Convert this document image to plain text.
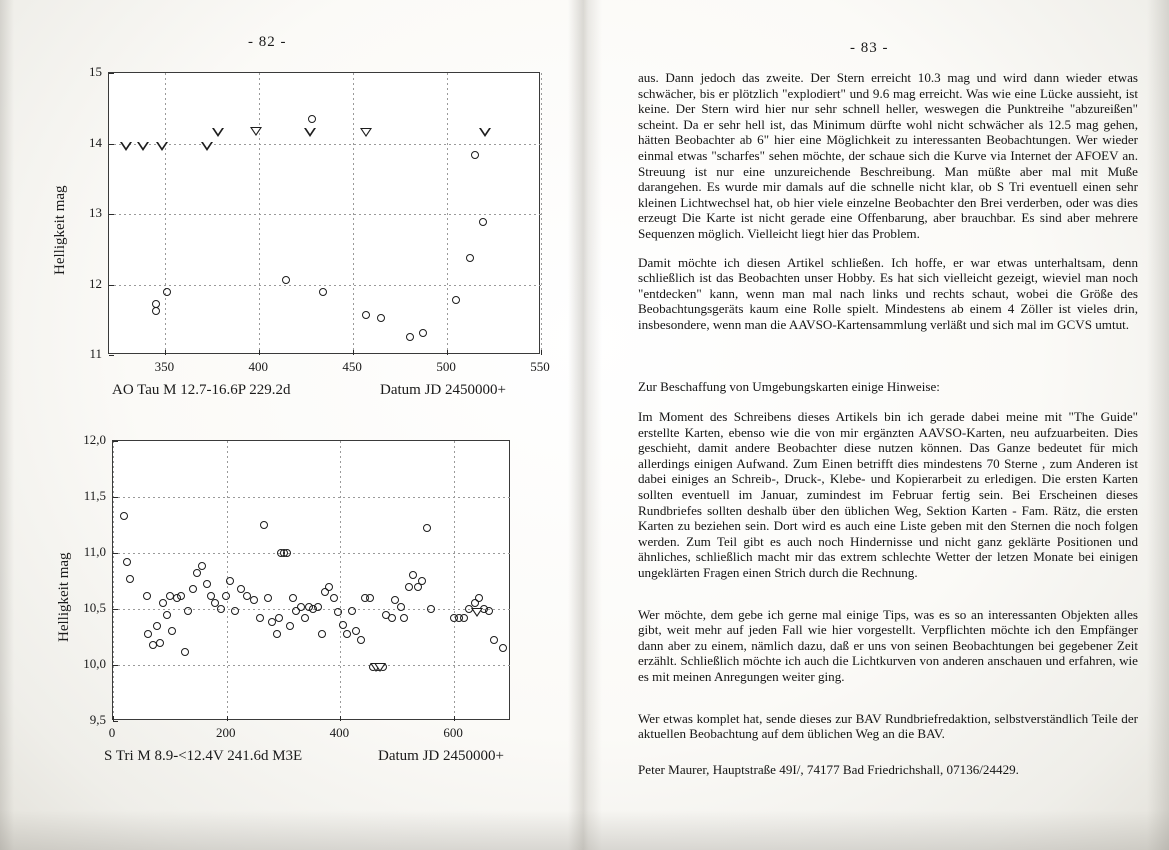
- 82 -
Helligkeit mag
AO Tau M 12.7-16.6P 229.2d	Datum JD 2450000+
350	400	450	500	550
11
12
13
14
15
Helligkeit mag
S Tri M 8.9-<12.4V 241.6d M3E	Datum JD 2450000+
0	200	400	600
9,5
10,0
10,5
11,0
11,5
12,0
- 83 -

aus. Dann jedoch das zweite. Der Stern erreicht 10.3 mag und wird dann wieder etwas schwächer, bis er plötzlich "explodiert" und 9.6 mag erreicht. Was wie eine Lücke aussieht, ist keine. Der Stern wird hier nur sehr schnell heller, weswegen die Punktreihe "abzureißen" scheint. Da er sehr hell ist, das Minimum dürfte wohl nicht schwächer als 12.5 mag gehen, hätten Beobachter ab 6" hier eine Möglichkeit zu interessanten Beobachtungen. Wer wieder einmal etwas "scharfes" sehen möchte, der schaue sich die Kurve via Internet der AFOEV an. Streuung ist nur eine unzureichende Beschreibung. Man müßte aber mal mit Muße darangehen. Es wurde mir damals auf die schnelle nicht klar, ob S Tri eventuell einen sehr kleinen Lichtwechsel hat, ob hier viele einzelne Beobachter den Brei verderben, oder was dies erzeugt Die Karte ist nicht gerade eine Offenbarung, aber brauchbar. Es sind aber mehrere Sequenzen möglich. Vielleicht liegt hier das Problem.

Damit möchte ich diesen Artikel schließen. Ich hoffe, er war etwas unterhaltsam, denn schließlich ist das Beobachten unser Hobby. Es hat sich vielleicht gezeigt, wieviel man noch "entdecken" kann, wenn man mal nach links und rechts schaut, wobei die Größe des Beobachtungsgeräts kaum eine Rolle spielt. Mindestens ab einem 4 Zöller ist vieles drin, insbesondere, wenn man die AAVSO-Kartensammlung verläßt und sich mal im GCVS umtut.

Zur Beschaffung von Umgebungskarten einige Hinweise:

Im Moment des Schreibens dieses Artikels bin ich gerade dabei meine mit "The Guide" erstellte Karten, ebenso wie die von mir ergänzten AAVSO-Karten, neu aufzuarbeiten. Dies geschieht, damit andere Beobachter diese nutzen können. Das Ganze bedeutet für mich allerdings einigen Aufwand. Zum Einen betrifft dies mindestens 70 Sterne , zum Anderen ist dabei einiges an Schreib-, Druck-, Klebe- und Kopierarbeit zu erledigen. Die ersten Karten sollten eventuell im Januar, zumindest im Februar fertig sein. Bei Erscheinen dieses Rundbriefes sollten deshalb über den üblichen Weg, Sektion Karten - Fam. Rätz, die ersten Karten zu beziehen sein. Dort wird es auch eine Liste geben mit den Sternen die noch folgen werden. Zum Teil gibt es auch noch Hindernisse und nicht ganz geklärte Positionen und ähnliches, schließlich macht mir das extrem schlechte Wetter der letzen Monate bei einigen ungeklärten Fragen einen Strich durch die Rechnung.

Wer möchte, dem gebe ich gerne mal einige Tips, was es so an interessanten Objekten alles gibt, weit mehr auf jeden Fall wie hier vorgestellt. Verpflichten möchte ich den Empfänger dann aber zu einem, nämlich dazu, daß er uns von seinen Beobachtungen bei gegebener Zeit erzählt. Schließlich möchte ich auch die Lichtkurven von anderen anschauen und erfahren, wie es mit meinen Anregungen weiter ging.

Wer etwas komplet hat, sende dieses zur BAV Rundbriefredaktion, selbstverständlich Teile der aktuellen Beobachtung auf dem üblichen Weg an die BAV.

Peter Maurer, Hauptstraße 49I/, 74177 Bad Friedrichshall, 07136/24429.
